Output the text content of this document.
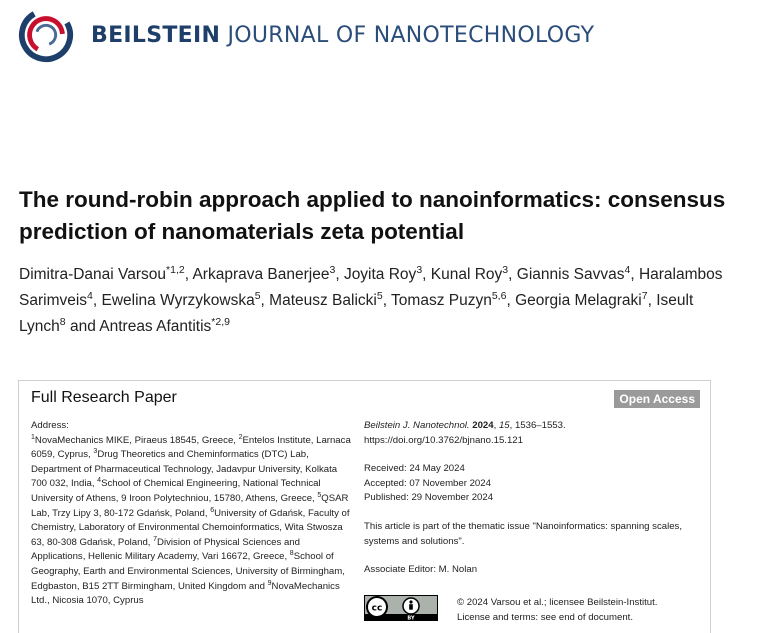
BEILSTEIN JOURNAL OF NANOTECHNOLOGY
The round-robin approach applied to nanoinformatics: consensus prediction of nanomaterials zeta potential
Dimitra-Danai Varsou$^{*1,2}$, Arkaprava Banerjee$^3$, Joyita Roy$^3$, Kunal Roy$^3$, Giannis Savvas$^4$, Haralambos Sarimveis$^4$, Ewelina Wyrzykowska$^5$, Mateusz Balicki$^5$, Tomasz Puzyn$^{5,6}$, Georgia Melagraki$^7$, Iseult Lynch$^8$ and Antreas Afantitis$^{*2,9}$
Full Research Paper	Open Access
Address:
$^1$NovaMechanics MIKE, Piraeus 18545, Greece, $^2$Entelos Institute, Larnaca 6059, Cyprus, $^3$Drug Theoretics and Cheminformatics (DTC) Lab, Department of Pharmaceutical Technology, Jadavpur University, Kolkata 700 032, India, $^4$School of Chemical Engineering, National Technical University of Athens, 9 Iroon Polytechniou, 15780, Athens, Greece, $^5$QSAR Lab, Trzy Lipy 3, 80-172 Gdańsk, Poland, $^6$University of Gdańsk, Faculty of Chemistry, Laboratory of Environmental Chemoinformatics, Wita Stwosza 63, 80-308 Gdańsk, Poland, $^7$Division of Physical Sciences and Applications, Hellenic Military Academy, Vari 16672, Greece, $^8$School of Geography, Earth and Environmental Sciences, University of Birmingham, Edgbaston, B15 2TT Birmingham, United Kingdom and $^9$NovaMechanics Ltd., Nicosia 1070, Cyprus

Beilstein J. Nanotechnol. 2024, 15, 1536–1553.

https://doi.org/10.3762/bjnano.15.121

Received: 24 May 2024

Accepted: 07 November 2024

Published: 29 November 2024

This article is part of the thematic issue "Nanoinformatics: spanning scales, systems and solutions".

Associate Editor: M. Nolan

cc
BY
© 2024 Varsou et al.; licensee Beilstein-Institut.
License and terms: see end of document.
